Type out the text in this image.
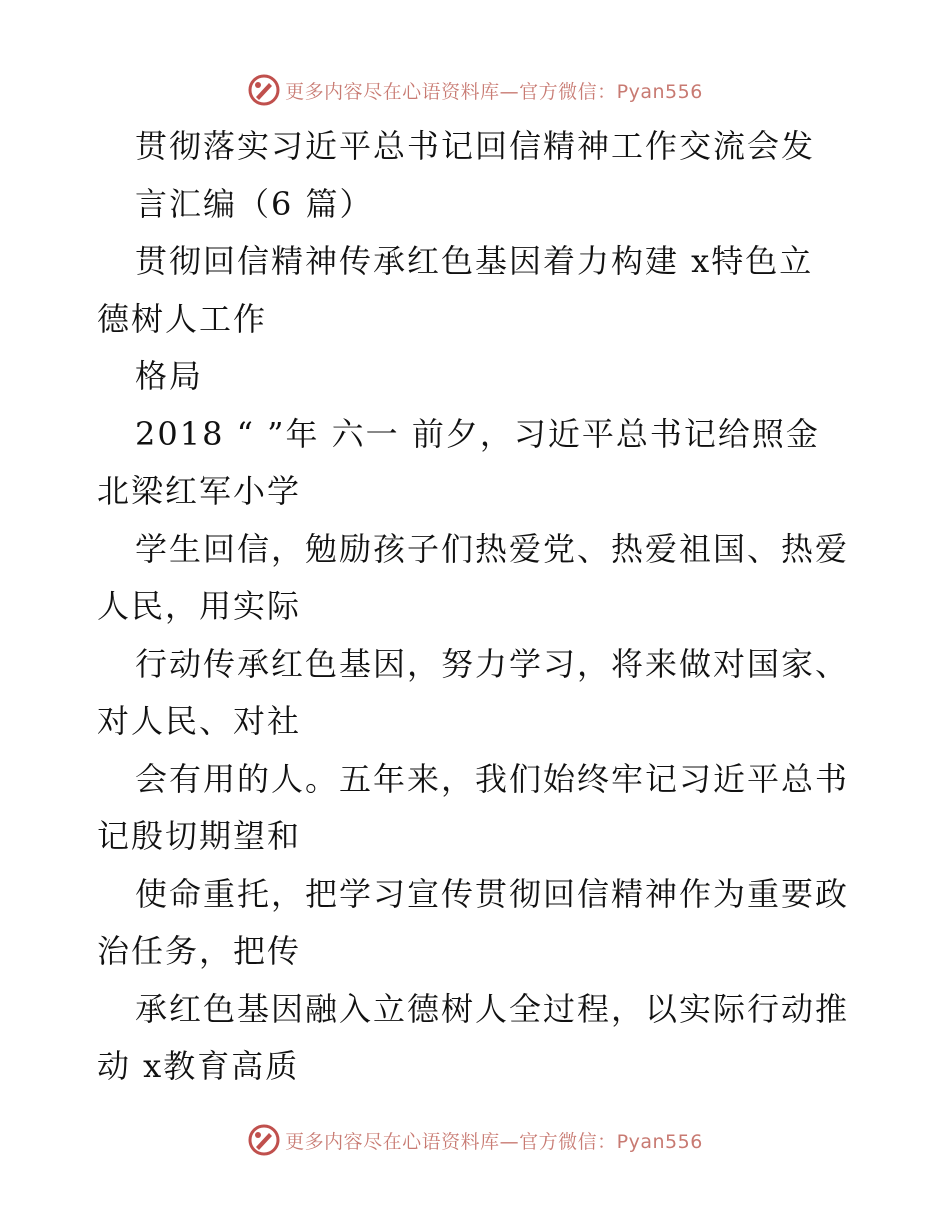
更多内容尽在心语资料库—官方微信：Pyan556
贯彻落实习近平总书记回信精神工作交流会发
言汇编（6 篇）
贯彻回信精神传承红色基因着力构建 x特色立
德树人工作
格局
2018 “ ”年 六一 前夕，习近平总书记给照金
北梁红军小学
学生回信，勉励孩子们热爱党、热爱祖国、热爱
人民，用实际
行动传承红色基因，努力学习，将来做对国家、
对人民、对社
会有用的人。五年来，我们始终牢记习近平总书
记殷切期望和
使命重托，把学习宣传贯彻回信精神作为重要政
治任务，把传
承红色基因融入立德树人全过程，以实际行动推
动 x教育高质
更多内容尽在心语资料库—官方微信：Pyan556
